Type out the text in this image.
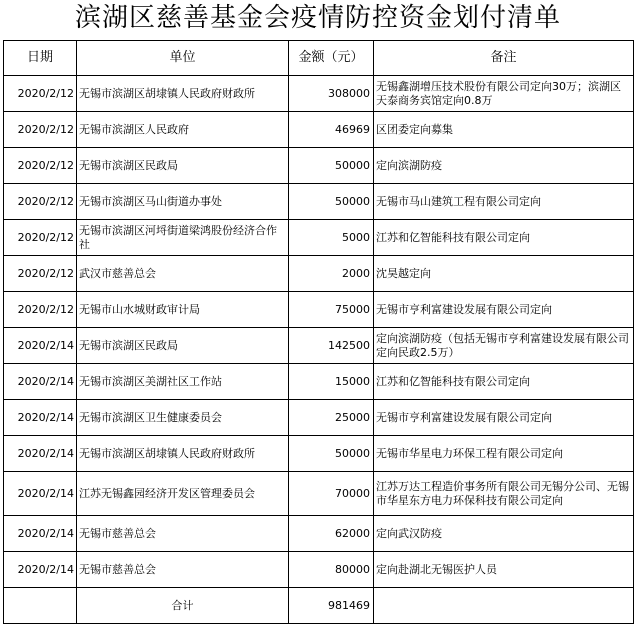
滨湖区慈善基金会疫情防控资金划付清单
日期	单位	金额（元）	备注
2020/2/12	无锡市滨湖区胡埭镇人民政府财政所	308000	无锡鑫湖增压技术股份有限公司定向30万；滨湖区天泰商务宾馆定向0.8万
2020/2/12	无锡市滨湖区人民政府	46969	区团委定向募集
2020/2/12	无锡市滨湖区民政局	50000	定向滨湖防疫
2020/2/12	无锡市滨湖区马山街道办事处	50000	无锡市马山建筑工程有限公司定向
2020/2/12	无锡市滨湖区河埒街道梁鸿股份经济合作社	5000	江苏和亿智能科技有限公司定向
2020/2/12	武汉市慈善总会	2000	沈昊越定向
2020/2/12	无锡市山水城财政审计局	75000	无锡市亨利富建设发展有限公司定向
2020/2/14	无锡市滨湖区民政局	142500	定向滨湖防疫（包括无锡市亨利富建设发展有限公司定向民政2.5万）
2020/2/14	无锡市滨湖区美湖社区工作站	15000	江苏和亿智能科技有限公司定向
2020/2/14	无锡市滨湖区卫生健康委员会	25000	无锡市亨利富建设发展有限公司定向
2020/2/14	无锡市滨湖区胡埭镇人民政府财政所	50000	无锡市华星电力环保工程有限公司定向
2020/2/14	江苏无锡鑫园经济开发区管理委员会	70000	江苏万达工程造价事务所有限公司无锡分公司、无锡市华星东方电力环保科技有限公司定向
2020/2/14	无锡市慈善总会	62000	定向武汉防疫
2020/2/14	无锡市慈善总会	80000	定向赴湖北无锡医护人员
	合计	981469	
